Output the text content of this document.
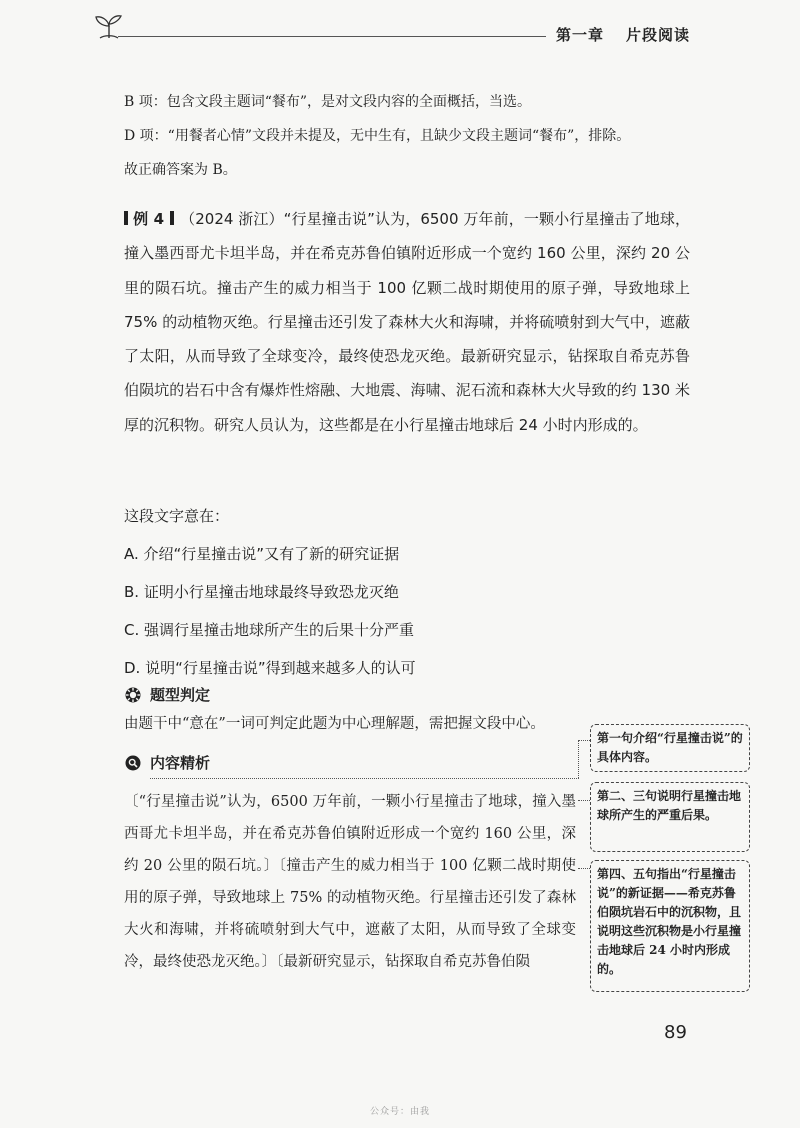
第一章 片段阅读
B 项：包含文段主题词“餐布”，是对文段内容的全面概括，当选。
D 项：“用餐者心情”文段并未提及，无中生有，且缺少文段主题词“餐布”，排除。
故正确答案为 B。
例 4 （2024 浙江）“行星撞击说”认为，6500 万年前，一颗小行星撞击了地球，撞入墨西哥尤卡坦半岛，并在希克苏鲁伯镇附近形成一个宽约 160 公里，深约 20 公里的陨石坑。撞击产生的威力相当于 100 亿颗二战时期使用的原子弹，导致地球上 75% 的动植物灭绝。行星撞击还引发了森林大火和海啸，并将硫喷射到大气中，遮蔽了太阳，从而导致了全球变冷，最终使恐龙灭绝。最新研究显示，钻探取自希克苏鲁伯陨坑的岩石中含有爆炸性熔融、大地震、海啸、泥石流和森林大火导致的约 130 米厚的沉积物。研究人员认为，这些都是在小行星撞击地球后 24 小时内形成的。
这段文字意在：
A. 介绍“行星撞击说”又有了新的研究证据
B. 证明小行星撞击地球最终导致恐龙灭绝
C. 强调行星撞击地球所产生的后果十分严重
D. 说明“行星撞击说”得到越来越多人的认可
题型判定
由题干中“意在”一词可判定此题为中心理解题，需把握文段中心。
内容精析
〔“行星撞击说”认为，6500 万年前，一颗小行星撞击了地球，撞入墨西哥尤卡坦半岛，并在希克苏鲁伯镇附近形成一个宽约 160 公里，深约 20 公里的陨石坑。〕〔撞击产生的威力相当于 100 亿颗二战时期使用的原子弹，导致地球上 75% 的动植物灭绝。行星撞击还引发了森林大火和海啸，并将硫喷射到大气中，遮蔽了太阳，从而导致了全球变冷，最终使恐龙灭绝。〕〔最新研究显示，钻探取自希克苏鲁伯陨
第一句介绍“行星撞击说”的具体内容。
第二、三句说明行星撞击地球所产生的严重后果。
第四、五句指出“行星撞击说”的新证据——希克苏鲁伯陨坑岩石中的沉积物，且说明这些沉积物是小行星撞击地球后 24 小时内形成的。
89
公众号：由我
